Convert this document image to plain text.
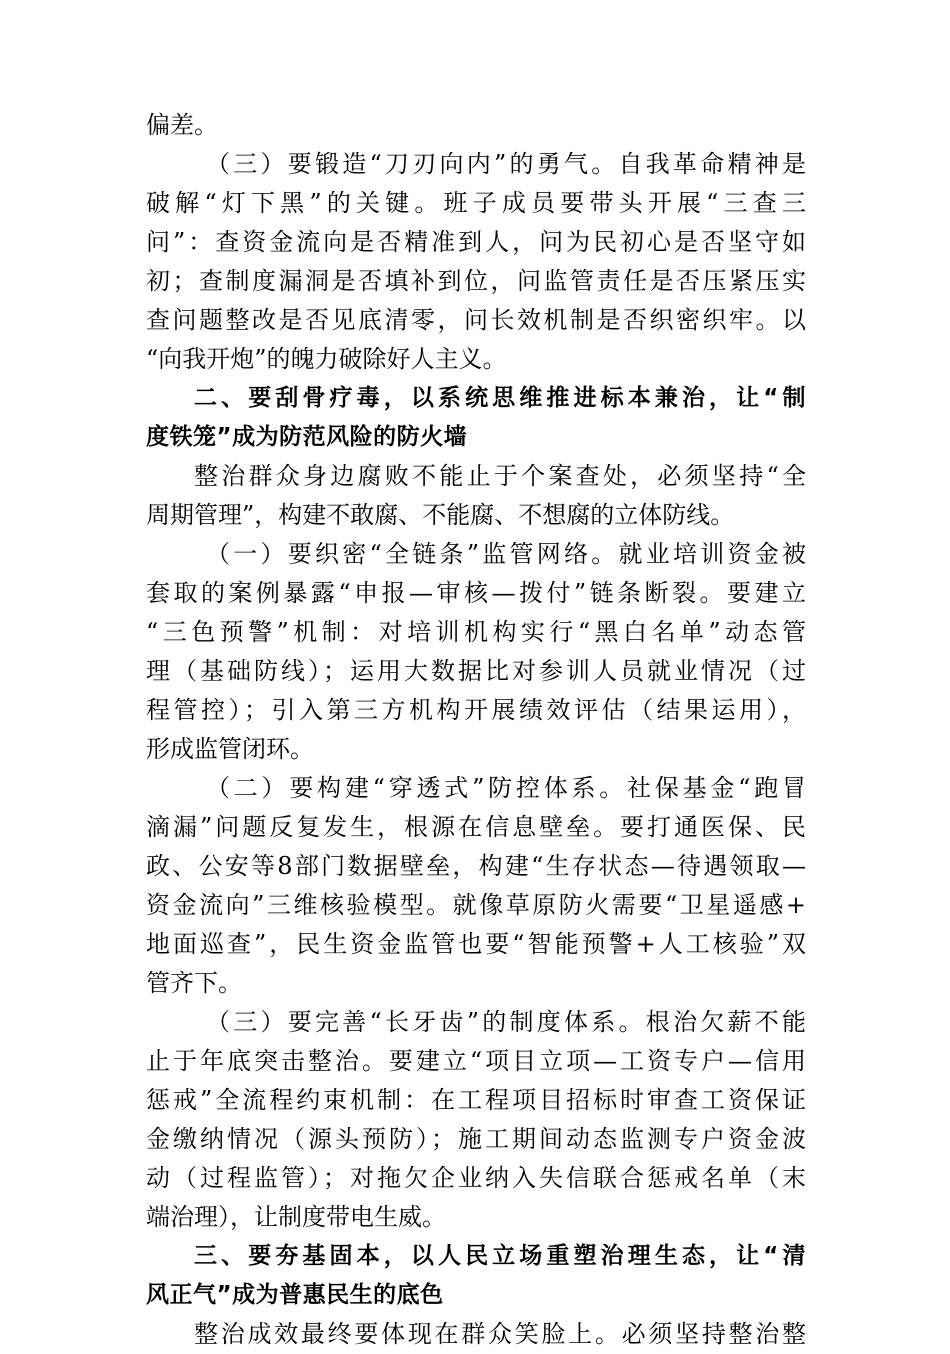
偏差。
（三）要锻造“刀刃向内”的勇气。自我革命精神是
破解“灯下黑”的关键。班子成员要带头开展“三查三
问”：查资金流向是否精准到人，问为民初心是否坚守如
初；查制度漏洞是否填补到位，问监管责任是否压紧压实
查问题整改是否见底清零，问长效机制是否织密织牢。以
“向我开炮”的魄力破除好人主义。
二、要刮骨疗毒，以系统思维推进标本兼治，让“制
度铁笼”成为防范风险的防火墙
整治群众身边腐败不能止于个案查处，必须坚持“全
周期管理”，构建不敢腐、不能腐、不想腐的立体防线。
（一）要织密“全链条”监管网络。就业培训资金被
套取的案例暴露“申报—审核—拨付”链条断裂。要建立
“三色预警”机制：对培训机构实行“黑白名单”动态管
理（基础防线）；运用大数据比对参训人员就业情况（过
程管控）；引入第三方机构开展绩效评估（结果运用），
形成监管闭环。
（二）要构建“穿透式”防控体系。社保基金“跑冒
滴漏”问题反复发生，根源在信息壁垒。要打通医保、民
政、公安等8部门数据壁垒，构建“生存状态—待遇领取—
资金流向”三维核验模型。就像草原防火需要“卫星遥感+
地面巡查”，民生资金监管也要“智能预警+人工核验”双
管齐下。
（三）要完善“长牙齿”的制度体系。根治欠薪不能
止于年底突击整治。要建立“项目立项—工资专户—信用
惩戒”全流程约束机制：在工程项目招标时审查工资保证
金缴纳情况（源头预防）；施工期间动态监测专户资金波
动（过程监管）；对拖欠企业纳入失信联合惩戒名单（末
端治理），让制度带电生威。
三、要夯基固本，以人民立场重塑治理生态，让“清
风正气”成为普惠民生的底色
整治成效最终要体现在群众笑脸上。必须坚持整治整
